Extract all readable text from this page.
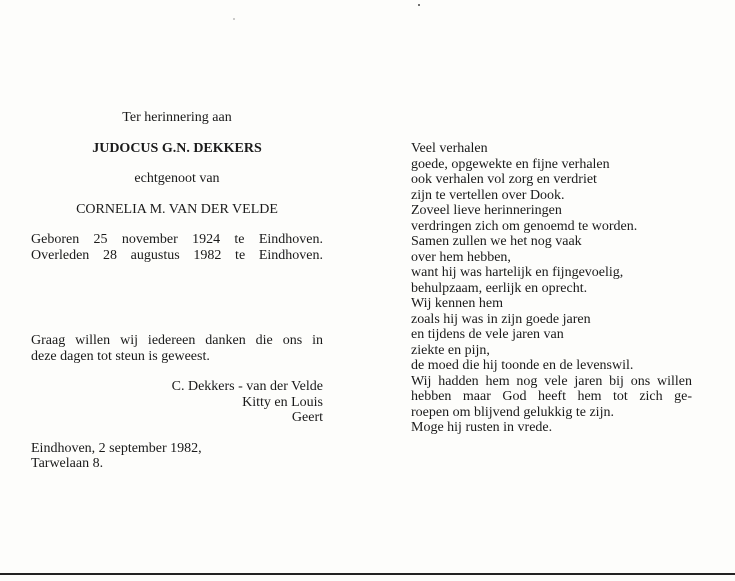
Ter herinnering aan
JUDOCUS G.N. DEKKERS
echtgenoot van
CORNELIA M. VAN DER VELDE
Geboren 25 november 1924 te Eindhoven.
Overleden 28 augustus 1982 te Eindhoven.
Graag willen wij iedereen danken die ons in
deze dagen tot steun is geweest.
C. Dekkers - van der Velde
Kitty en Louis
Geert
Eindhoven, 2 september 1982,
Tarwelaan 8.
Veel verhalen
goede, opgewekte en fijne verhalen
ook verhalen vol zorg en verdriet
zijn te vertellen over Dook.
Zoveel lieve herinneringen
verdringen zich om genoemd te worden.
Samen zullen we het nog vaak
over hem hebben,
want hij was hartelijk en fijngevoelig,
behulpzaam, eerlijk en oprecht.
Wij kennen hem
zoals hij was in zijn goede jaren
en tijdens de vele jaren van
ziekte en pijn,
de moed die hij toonde en de levenswil.
Wij hadden hem nog vele jaren bij ons willen
hebben maar God heeft hem tot zich ge-
roepen om blijvend gelukkig te zijn.
Moge hij rusten in vrede.
